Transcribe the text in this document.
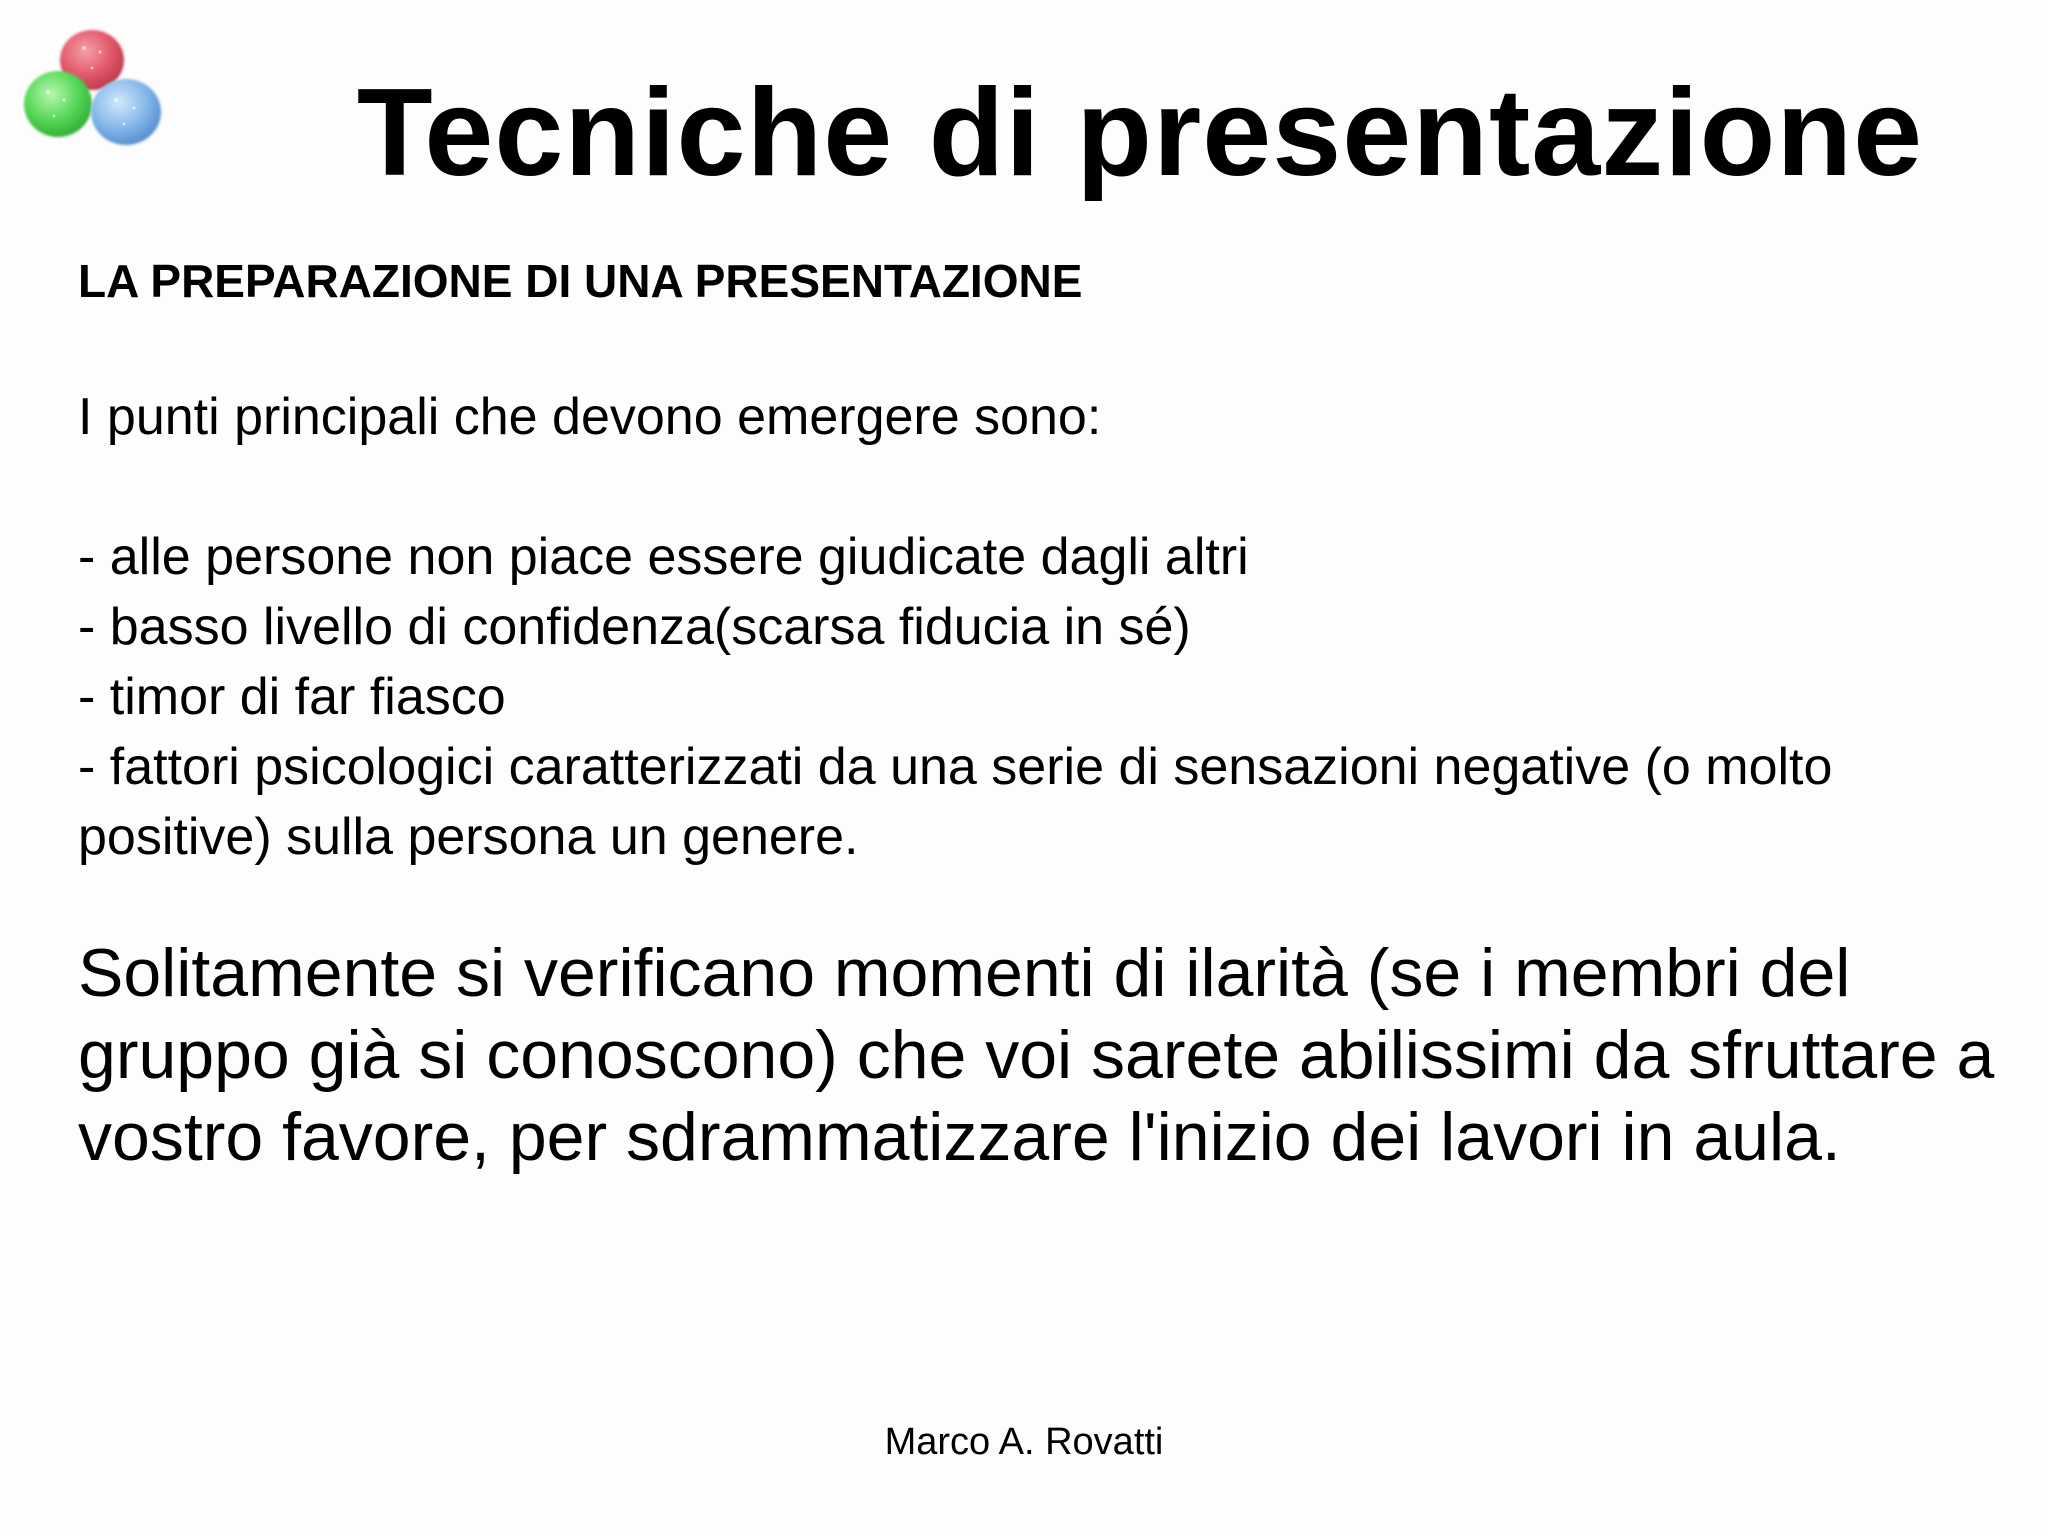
Tecniche di presentazione
LA PREPARAZIONE DI UNA PRESENTAZIONE

I punti principali che devono emergere sono:

- alle persone non piace essere giudicate dagli altri
- basso livello di confidenza(scarsa fiducia in sé)
- timor di far fiasco
- fattori psicologici caratterizzati da una serie di sensazioni negative (o molto positive) sulla persona un genere.

Solitamente si verificano momenti di ilarità (se i membri del gruppo già si conoscono) che voi sarete abilissimi da sfruttare a vostro favore, per sdrammatizzare l'inizio dei lavori in aula.

Marco A. Rovatti
